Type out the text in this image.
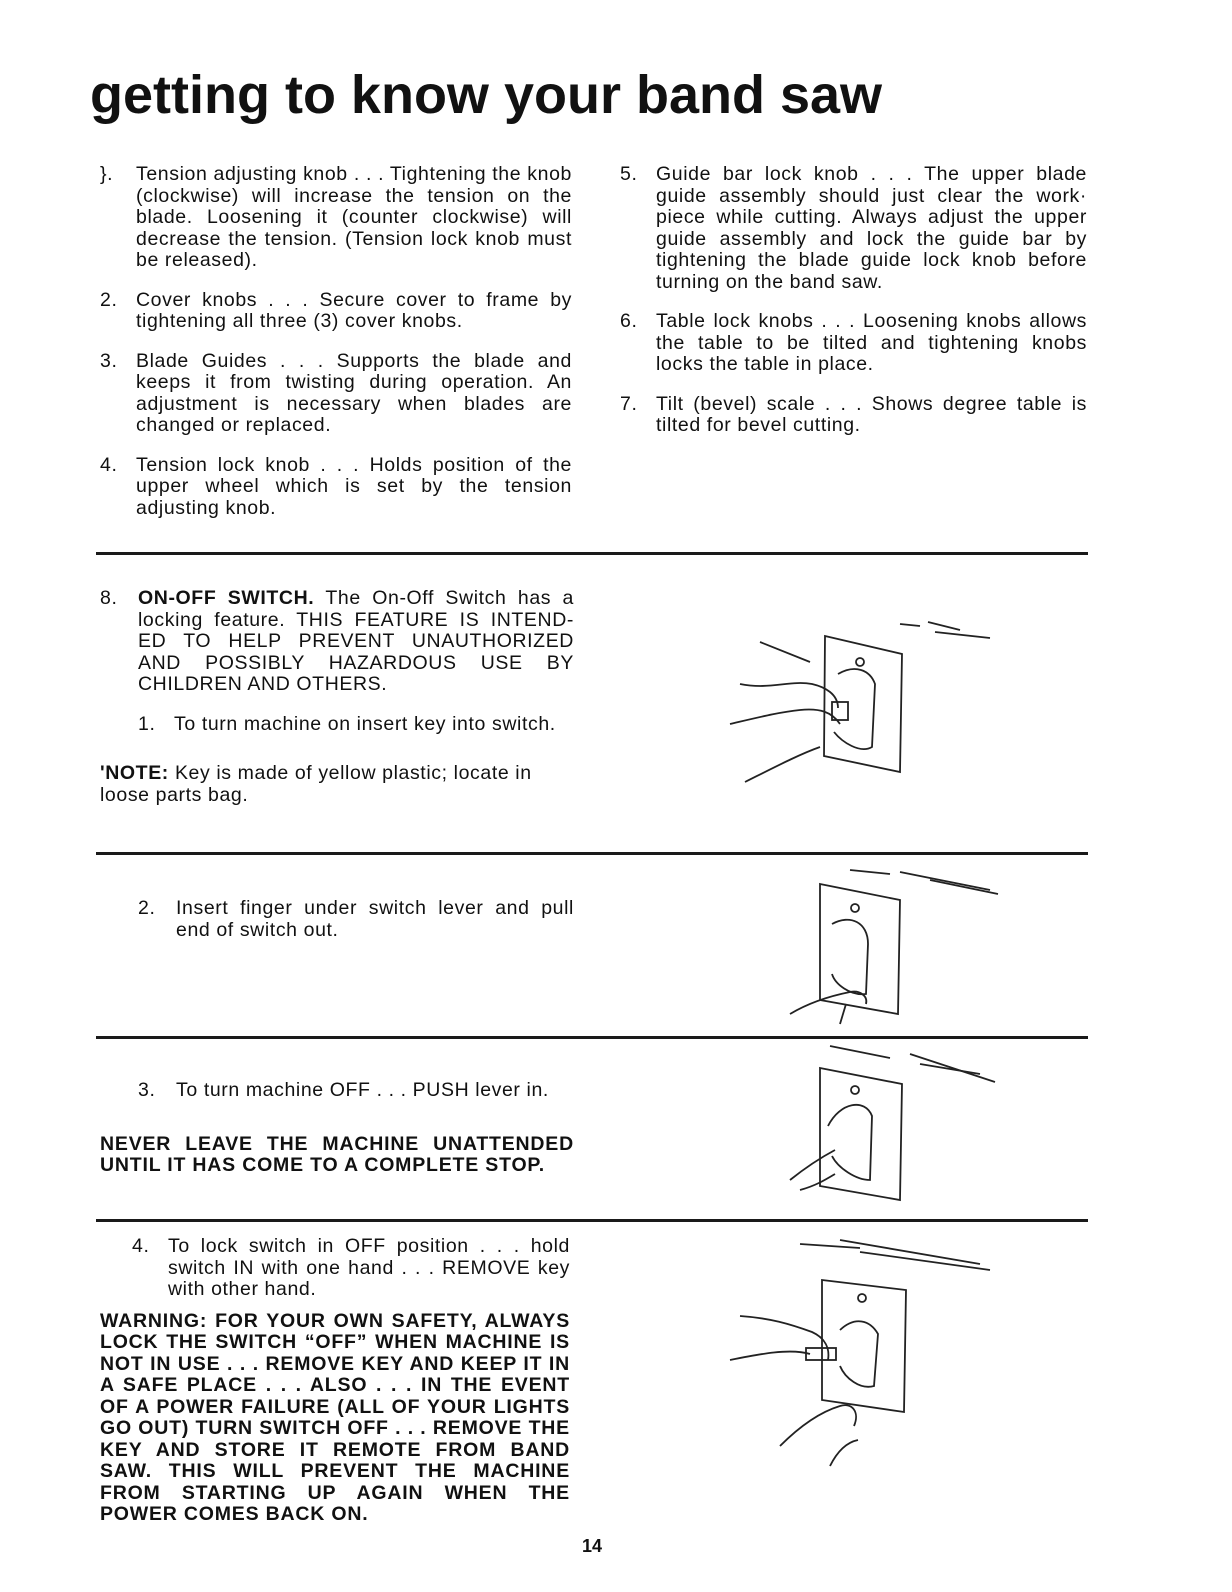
getting to know your band saw
}.	Tension adjusting knob . . . Tightening the knob (clockwise) will increase the tension on the blade. Loosening it (counter clockwise) will decrease the tension. (Tension lock knob must be released).
2. Cover knobs . . . Secure cover to frame by tightening all three (3) cover knobs.
3. Blade Guides . . . Supports the blade and keeps it from twisting during operation. An adjustment is necessary when blades are changed or replaced.
4. Tension lock knob . . . Holds position of the upper wheel which is set by the tension adjusting knob.
5. Guide bar lock knob . . . The upper blade guide assembly should just clear the work· piece while cutting. Always adjust the upper guide assembly and lock the guide bar by tightening the blade guide lock knob before turning on the band saw.
6. Table lock knobs . . . Loosening knobs allows the table to be tilted and tightening knobs locks the table in place.
7. Tilt (bevel) scale . . . Shows degree table is tilted for bevel cutting.
8.	ON-OFF SWITCH. The On-Off Switch has a locking feature. THIS FEATURE IS INTEND-ED TO HELP PREVENT UNAUTHORIZED AND POSSIBLY HAZARDOUS USE BY CHILDREN AND OTHERS.
1. To turn machine on insert key into switch.
'NOTE: Key is made of yellow plastic; locate in loose parts bag.
2.	Insert finger under switch lever and pull end of switch out.
3.	To turn machine OFF . . . PUSH lever in.
NEVER LEAVE THE MACHINE UNATTENDED UNTIL IT HAS COME TO A COMPLETE STOP.
4. To lock switch in OFF position . . . hold switch IN with one hand . . . REMOVE key with other hand.
WARNING: FOR YOUR OWN SAFETY, ALWAYS LOCK THE SWITCH “OFF” WHEN MACHINE IS NOT IN USE . . . REMOVE KEY AND KEEP IT IN A SAFE PLACE . . . ALSO . . . IN THE EVENT OF A POWER FAILURE (ALL OF YOUR LIGHTS GO OUT) TURN SWITCH OFF . . . REMOVE THE KEY AND STORE IT REMOTE FROM BAND SAW. THIS WILL PREVENT THE MACHINE FROM STARTING UP AGAIN WHEN THE POWER COMES BACK ON.
14
